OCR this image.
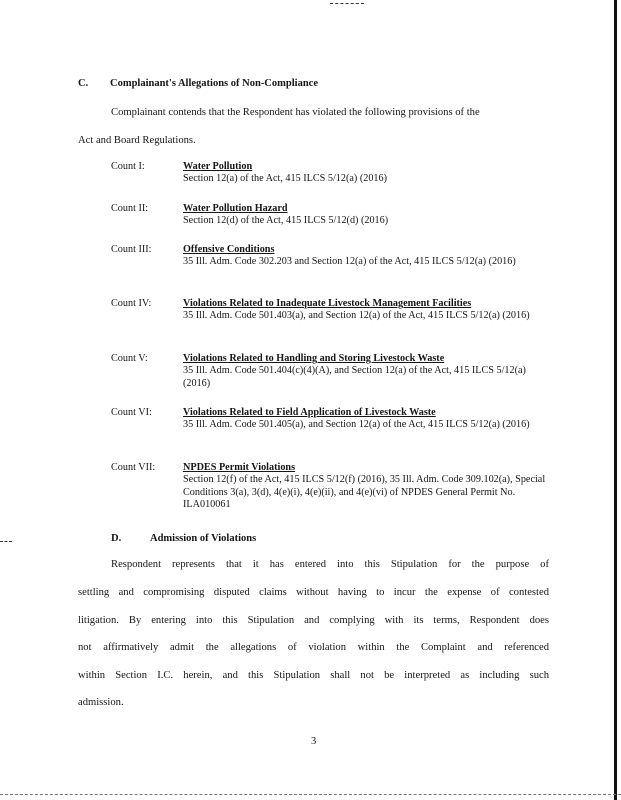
C. Complainant's Allegations of Non-Compliance
Complainant contends that the Respondent has violated the following provisions of the
Act and Board Regulations.
Count I:	Water Pollution
Section 12(a) of the Act, 415 ILCS 5/12(a) (2016)
Count II:	Water Pollution Hazard
Section 12(d) of the Act, 415 ILCS 5/12(d) (2016)
Count III:	Offensive Conditions
35 Ill. Adm. Code 302.203 and Section 12(a) of the Act, 415 ILCS 5/12(a) (2016)
Count IV:	Violations Related to Inadequate Livestock Management Facilities
35 Ill. Adm. Code 501.403(a), and Section 12(a) of the Act, 415 ILCS 5/12(a) (2016)
Count V:	Violations Related to Handling and Storing Livestock Waste
35 Ill. Adm. Code 501.404(c)(4)(A), and Section 12(a) of the Act, 415 ILCS 5/12(a) (2016)
Count VI:	Violations Related to Field Application of Livestock Waste
35 Ill. Adm. Code 501.405(a), and Section 12(a) of the Act, 415 ILCS 5/12(a) (2016)
Count VII:	NPDES Permit Violations
Section 12(f) of the Act, 415 ILCS 5/12(f) (2016), 35 Ill. Adm. Code 309.102(a), Special Conditions 3(a), 3(d), 4(e)(i), 4(e)(ii), and 4(e)(vi) of NPDES General Permit No. ILA010061
D.	Admission of Violations
Respondent represents that it has entered into this Stipulation for the purpose of
settling and compromising disputed claims without having to incur the expense of contested
litigation. By entering into this Stipulation and complying with its terms, Respondent does
not affirmatively admit the allegations of violation within the Complaint and referenced
within Section I.C. herein, and this Stipulation shall not be interpreted as including such
admission.
3
